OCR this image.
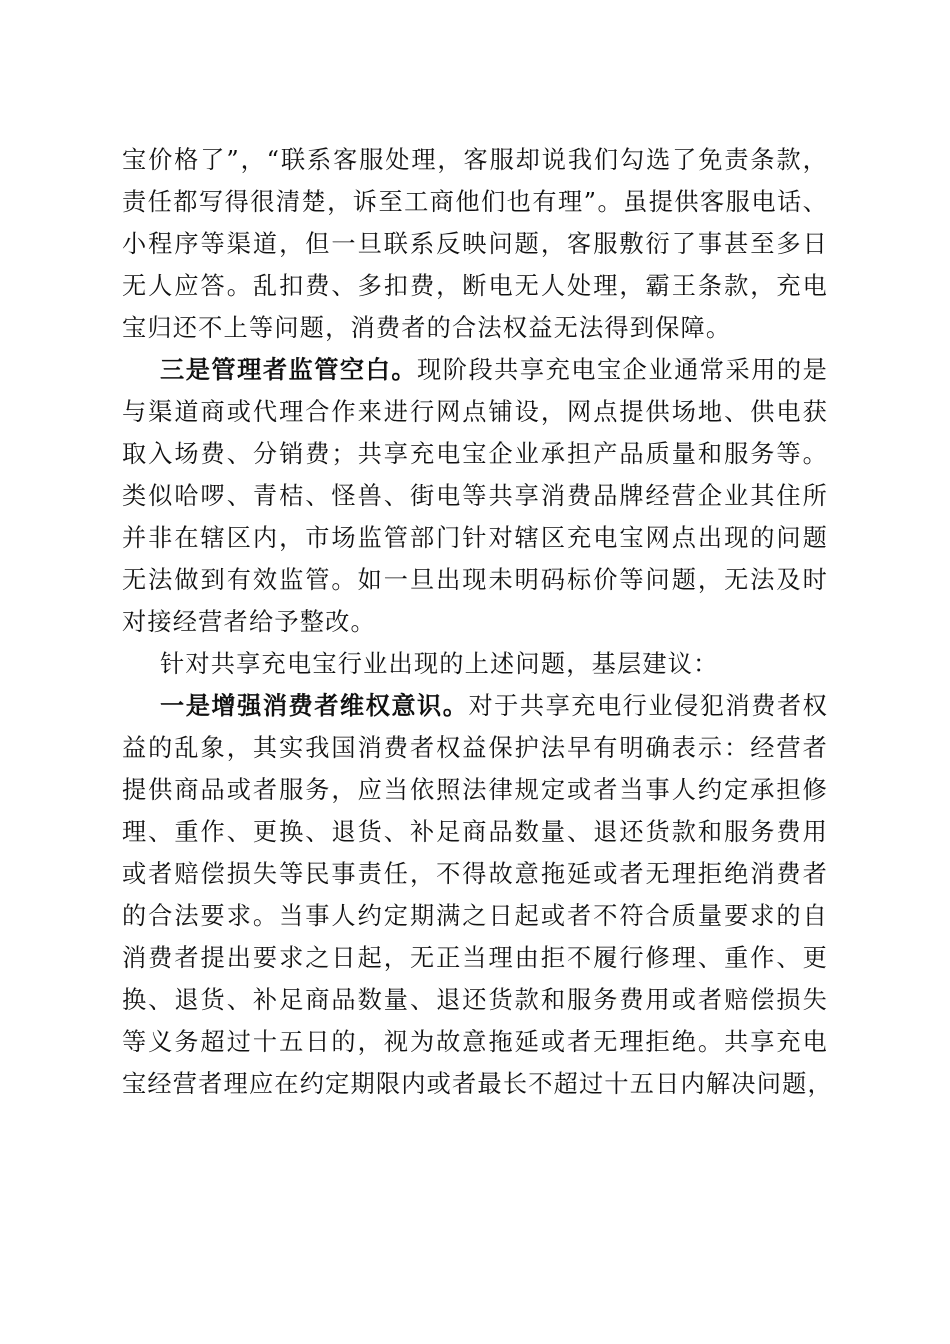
宝价格了”，“联系客服处理，客服却说我们勾选了免责条款，
责任都写得很清楚，诉至工商他们也有理”。虽提供客服电话、
小程序等渠道，但一旦联系反映问题，客服敷衍了事甚至多日
无人应答。乱扣费、多扣费，断电无人处理，霸王条款，充电
宝归还不上等问题，消费者的合法权益无法得到保障。
三是管理者监管空白。现阶段共享充电宝企业通常采用的是
与渠道商或代理合作来进行网点铺设，网点提供场地、供电获
取入场费、分销费；共享充电宝企业承担产品质量和服务等。
类似哈啰、青桔、怪兽、街电等共享消费品牌经营企业其住所
并非在辖区内，市场监管部门针对辖区充电宝网点出现的问题
无法做到有效监管。如一旦出现未明码标价等问题，无法及时
对接经营者给予整改。
针对共享充电宝行业出现的上述问题，基层建议：
一是增强消费者维权意识。对于共享充电行业侵犯消费者权
益的乱象，其实我国消费者权益保护法早有明确表示：经营者
提供商品或者服务，应当依照法律规定或者当事人约定承担修
理、重作、更换、退货、补足商品数量、退还货款和服务费用
或者赔偿损失等民事责任，不得故意拖延或者无理拒绝消费者
的合法要求。当事人约定期满之日起或者不符合质量要求的自
消费者提出要求之日起，无正当理由拒不履行修理、重作、更
换、退货、补足商品数量、退还货款和服务费用或者赔偿损失
等义务超过十五日的，视为故意拖延或者无理拒绝。共享充电
宝经营者理应在约定期限内或者最长不超过十五日内解决问题，
